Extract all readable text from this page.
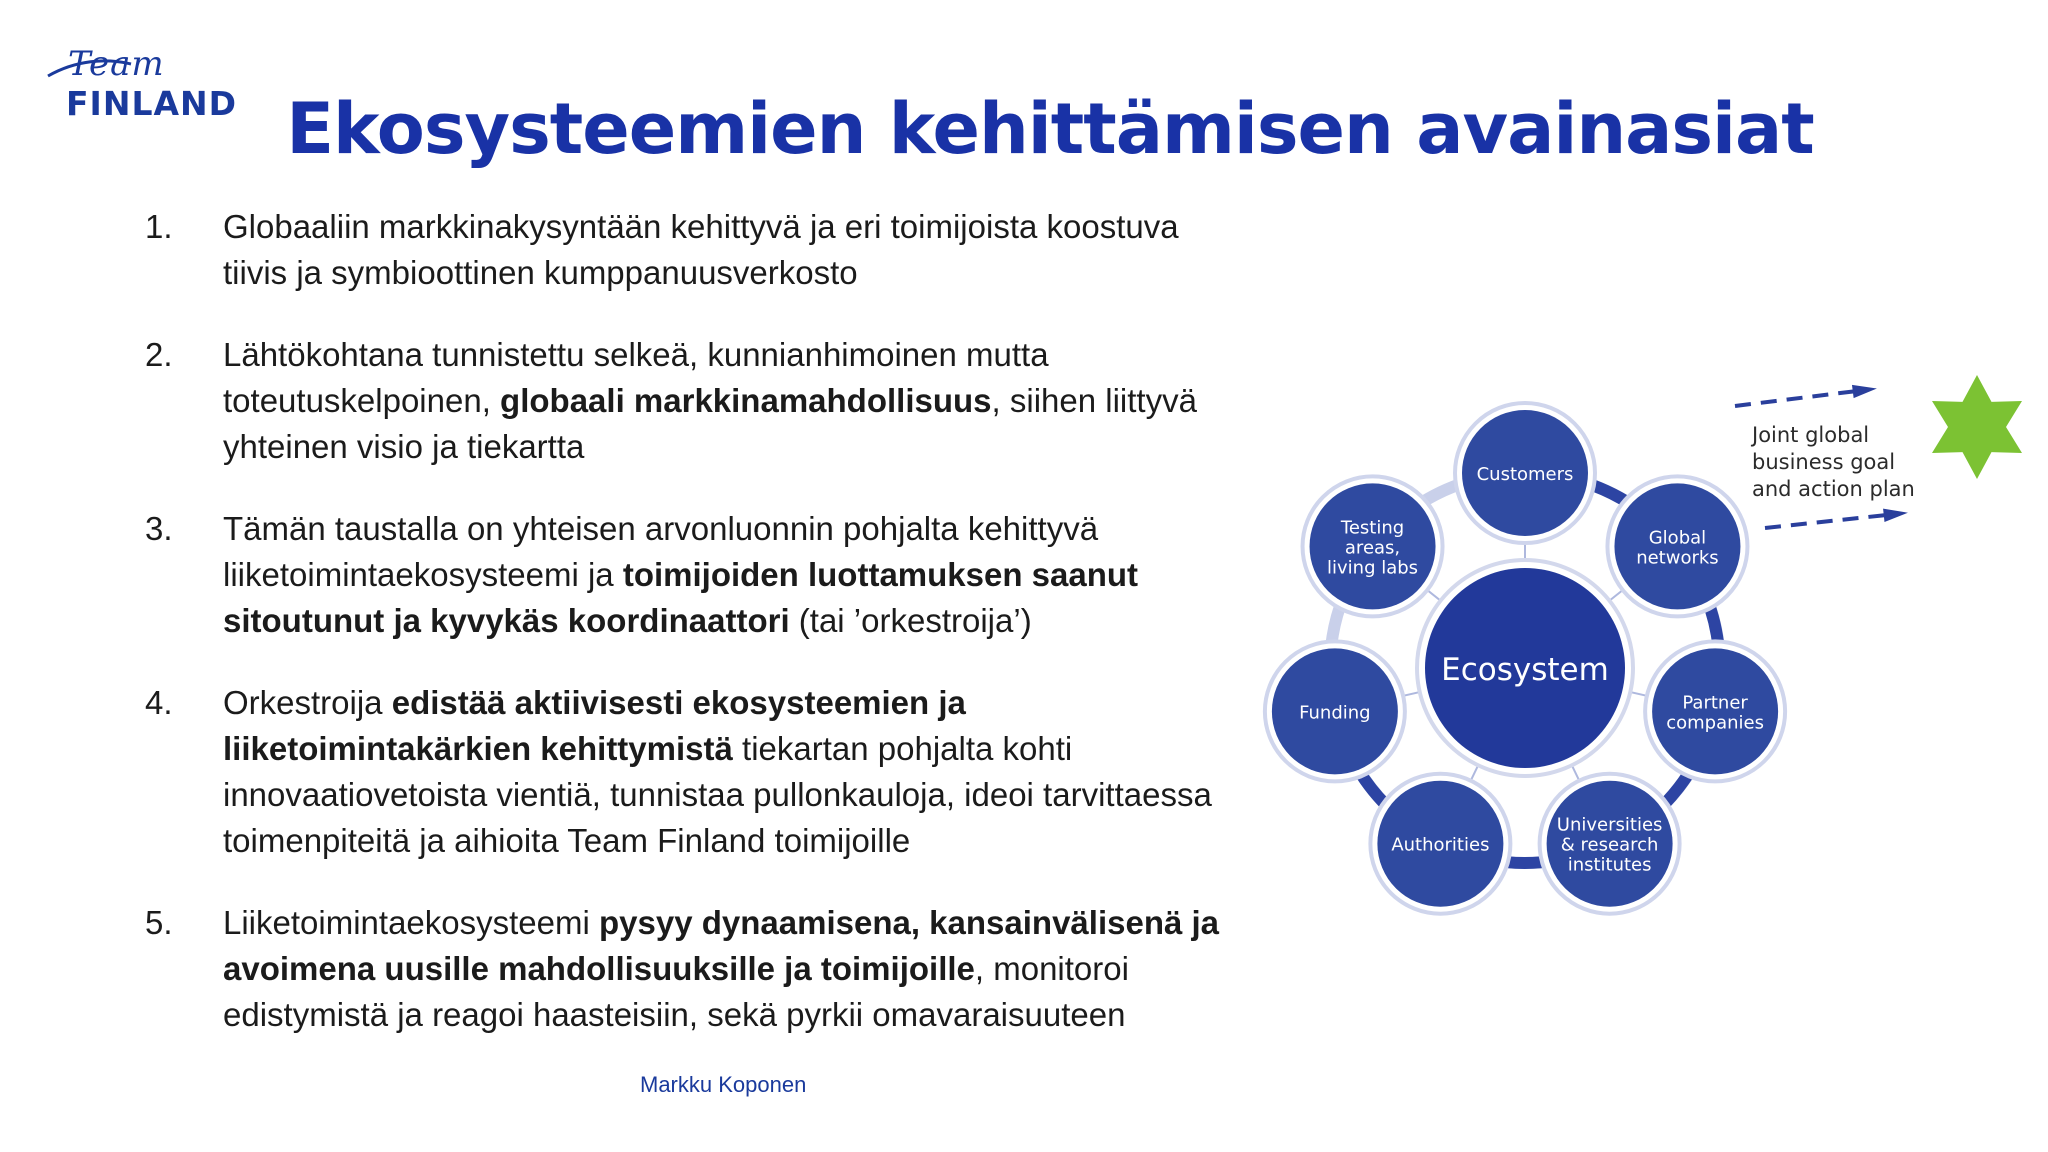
Team
FINLAND Ekosysteemien kehittämisen avainasiat
1. Globaaliin markkinakysyntään kehittyvä ja eri toimijoista koostuva tiivis ja symbioottinen kumppanuusverkosto
2. Lähtökohtana tunnistettu selkeä, kunnianhimoinen mutta toteutuskelpoinen, globaali markkinamahdollisuus, siihen liittyvä yhteinen visio ja tiekartta
3. Tämän taustalla on yhteisen arvonluonnin pohjalta kehittyvä liiketoimintaekosysteemi ja toimijoiden luottamuksen saanut sitoutunut ja kyvykäs koordinaattori (tai ’orkestroija’)
4. Orkestroija edistää aktiivisesti ekosysteemien ja liiketoimintakärkien kehittymistä tiekartan pohjalta kohti innovaatiovetoista vientiä, tunnistaa pullonkauloja, ideoi tarvittaessa toimenpiteitä ja aihioita Team Finland toimijoille
5. Liiketoimintaekosysteemi pysyy dynaamisena, kansainvälisenä ja avoimena uusille mahdollisuuksille ja toimijoille, monitoroi edistymistä ja reagoi haasteisiin, sekä pyrkii omavaraisuuteen
Markku Koponen
Ecosystem
Customers
Global
networks
Partner
companies
Universities
& research
institutes
Authorities
Funding
Testing
areas,
living labs
Joint global
business goal
and action plan
